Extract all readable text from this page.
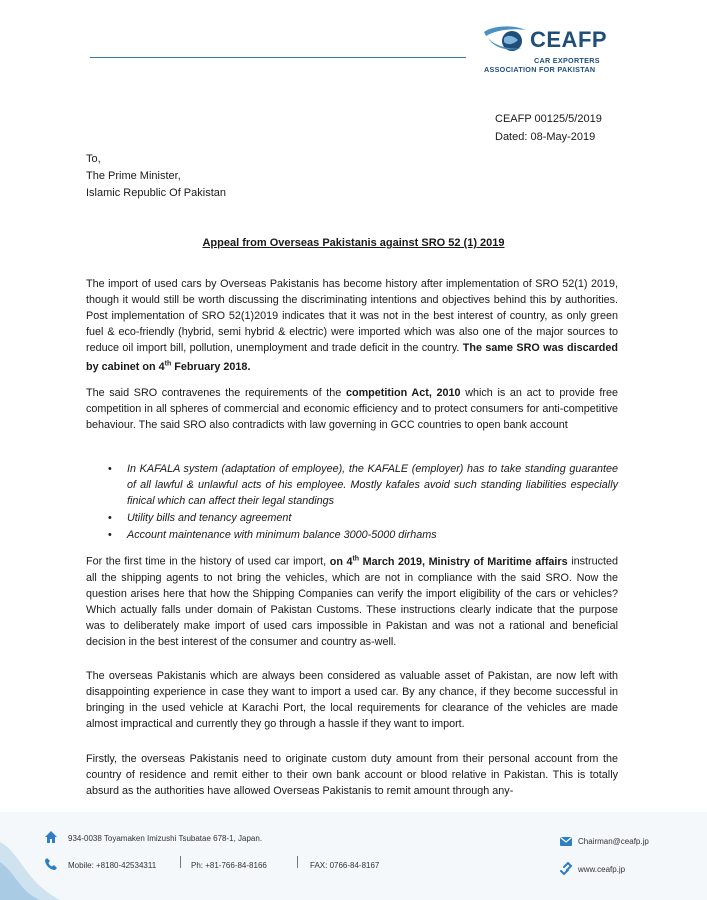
CEAFP
CAR EXPORTERS
ASSOCIATION FOR PAKISTAN
CEAFP 00125/5/2019
Dated: 08-May-2019
To,
The Prime Minister,
Islamic Republic Of Pakistan
Appeal from Overseas Pakistanis against SRO 52 (1) 2019

The import of used cars by Overseas Pakistanis has become history after implementation of SRO 52(1) 2019, though it would still be worth discussing the discriminating intentions and objectives behind this by authorities. Post implementation of SRO 52(1)2019 indicates that it was not in the best interest of country, as only green fuel & eco-friendly (hybrid, semi hybrid & electric) were imported which was also one of the major sources to reduce oil import bill, pollution, unemployment and trade deficit in the country. The same SRO was discarded by cabinet on 4th February 2018.

The said SRO contravenes the requirements of the competition Act, 2010 which is an act to provide free competition in all spheres of commercial and economic efficiency and to protect consumers for anti-competitive behaviour. The said SRO also contradicts with law governing in GCC countries to open bank account

• In KAFALA system (adaptation of employee), the KAFALE (employer) has to take standing guarantee of all lawful & unlawful acts of his employee. Mostly kafales avoid such standing liabilities especially finical which can affect their legal standings
• Utility bills and tenancy agreement
• Account maintenance with minimum balance 3000-5000 dirhams

For the first time in the history of used car import, on 4th March 2019, Ministry of Maritime affairs instructed all the shipping agents to not bring the vehicles, which are not in compliance with the said SRO. Now the question arises here that how the Shipping Companies can verify the import eligibility of the cars or vehicles? Which actually falls under domain of Pakistan Customs. These instructions clearly indicate that the purpose was to deliberately make import of used cars impossible in Pakistan and was not a rational and beneficial decision in the best interest of the consumer and country as-well.

The overseas Pakistanis which are always been considered as valuable asset of Pakistan, are now left with disappointing experience in case they want to import a used car. By any chance, if they become successful in bringing in the used vehicle at Karachi Port, the local requirements for clearance of the vehicles are made almost impractical and currently they go through a hassle if they want to import.

Firstly, the overseas Pakistanis need to originate custom duty amount from their personal account from the country of residence and remit either to their own bank account or blood relative in Pakistan. This is totally absurd as the authorities have allowed Overseas Pakistanis to remit amount through any-

934-0038 Toyamaken Imizushi Tsubatae 678-1, Japan.
Mobile: +8180-42534311	Ph: +81-766-84-8166	FAX: 0766-84-8167
Chairman@ceafp.jp
www.ceafp.jp
